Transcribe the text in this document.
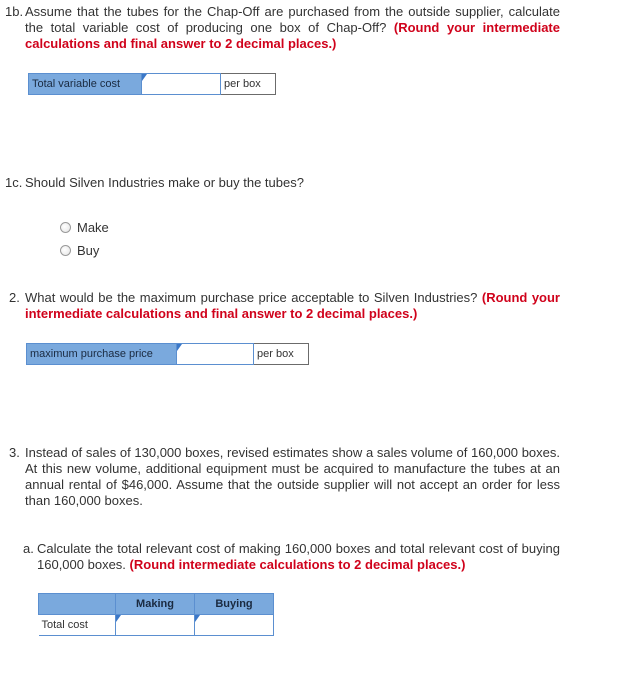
1b. Assume that the tubes for the Chap-Off are purchased from the outside supplier, calculate the total variable cost of producing one box of Chap-Off? (Round your intermediate calculations and final answer to 2 decimal places.)
Total variable cost		per box
1c. Should Silven Industries make or buy the tubes?
Make
Buy
2. What would be the maximum purchase price acceptable to Silven Industries? (Round your intermediate calculations and final answer to 2 decimal places.)
maximum purchase price		per box
3. Instead of sales of 130,000 boxes, revised estimates show a sales volume of 160,000 boxes. At this new volume, additional equipment must be acquired to manufacture the tubes at an annual rental of $46,000. Assume that the outside supplier will not accept an order for less than 160,000 boxes.
a. Calculate the total relevant cost of making 160,000 boxes and total relevant cost of buying 160,000 boxes. (Round intermediate calculations to 2 decimal places.)
	Making	Buying
Total cost	
